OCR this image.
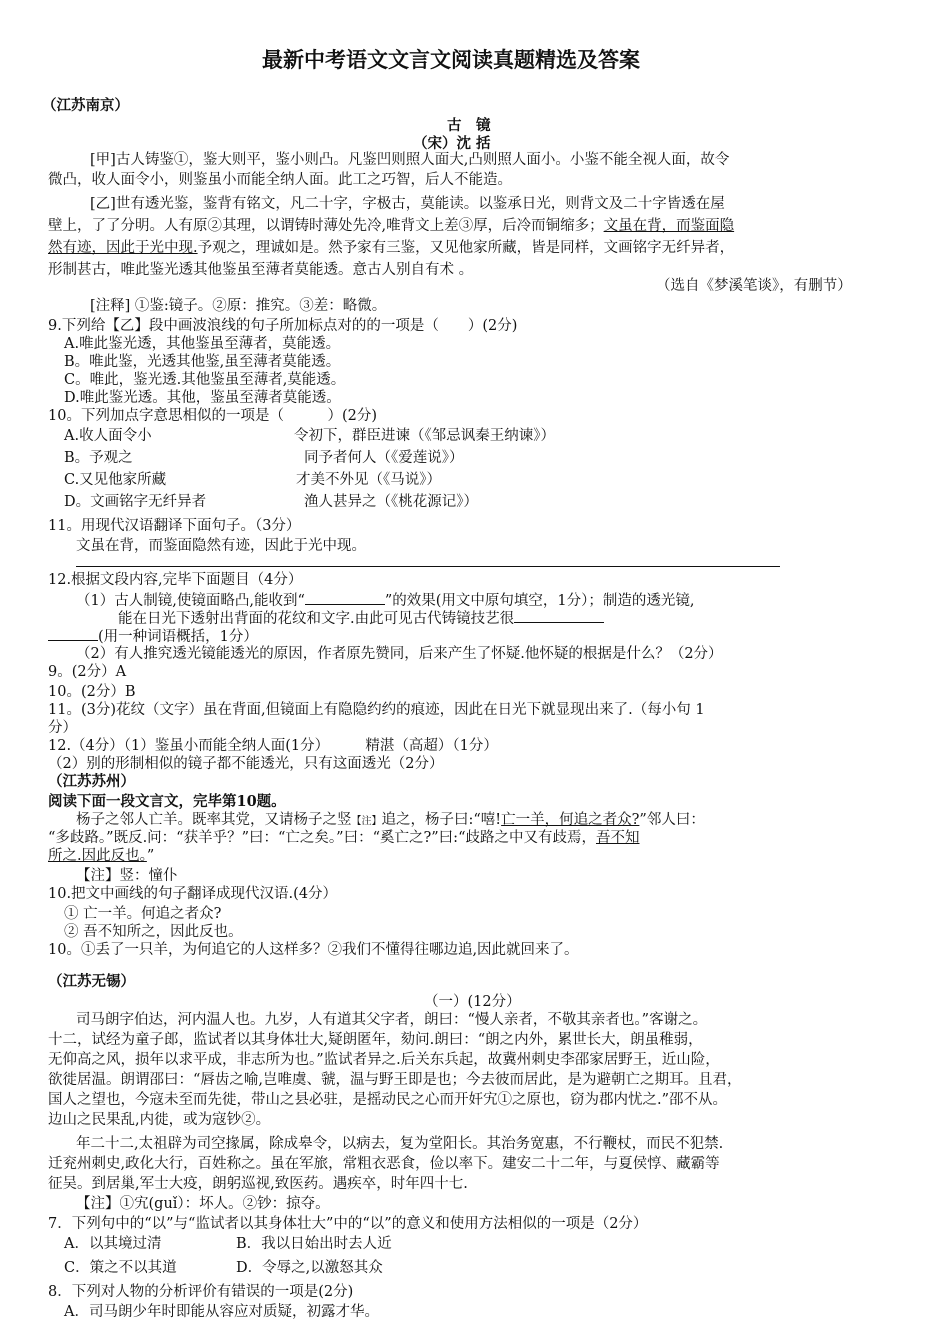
最新中考语文文言文阅读真题精选及答案
（江苏南京）
古　镜
（宋）沈 括
[甲]古人铸鉴①，鉴大则平，鉴小则凸。凡鉴凹则照人面大,凸则照人面小。小鉴不能全视人面，故令
微凸，收人面令小，则鉴虽小而能全纳人面。此工之巧智，后人不能造。
[乙]世有透光鉴，鉴背有铭文，凡二十字，字极古，莫能读。以鉴承日光，则背文及二十字皆透在屋
壁上，了了分明。人有原②其理，以谓铸时薄处先冷,唯背文上差③厚，后冷而铜缩多；文虽在背，而鉴面隐
然有迹，因此于光中现.予观之，理诚如是。然予家有三鉴，又见他家所藏，皆是同样，文画铭字无纤异者，
形制甚古，唯此鉴光透其他鉴虽至薄者莫能透。意古人别自有术 。
（选自《梦溪笔谈》，有删节）
[注释] ①鉴:镜子。②原：推究。③差：略微。
9.下列给【乙】段中画波浪线的句子所加标点对的的一项是（　　）(2分)
A.唯此鉴光透，其他鉴虽至薄者，莫能透。
B。唯此鉴，光透其他鉴,虽至薄者莫能透。
C。唯此，鉴光透.其他鉴虽至薄者,莫能透。
D.唯此鉴光透。其他，鉴虽至薄者莫能透。
10。下列加点字意思相似的一项是（　　　）(2分)
A.收人面令小	令初下，群臣进谏（《邹忌讽秦王纳谏》）
B。予观之	同予者何人（《爱莲说》）
C.又见他家所藏	才美不外见（《马说》）
D。文画铭字无纤异者	渔人甚异之（《桃花源记》）
11。用现代汉语翻译下面句子。（3分）
文虽在背，而鉴面隐然有迹，因此于光中现。
12.根据文段内容,完毕下面题目（4分）
（1）古人制镜,使镜面略凸,能收到“	”的效果(用文中原句填空，1分）；制造的透光镜,
能在日光下透射出背面的花纹和文字.由此可见古代铸镜技艺很
(用一种词语概括，1分）
（2）有人推究透光镜能透光的原因，作者原先赞同，后来产生了怀疑.他怀疑的根据是什么？（2分）
9。(2分）A
10。(2分）B
11。(3分)花纹（文字）虽在背面,但镜面上有隐隐约约的痕迹，因此在日光下就显现出来了.（每小句 1
分）
12.（4分）（1）鉴虽小而能全纳人面(1分）　　　精湛（高超）（1分）
（2）别的形制相似的镜子都不能透光，只有这面透光（2分）
（江苏苏州）
阅读下面一段文言文，完毕第10题。
杨子之邻人亡羊。既率其党，又请杨子之竖【注】追之，杨子曰:“嘻!亡一羊，何追之者众?”邻人曰：
“多歧路。”既反.问：“获羊乎？”曰：“亡之矣。”曰：“奚亡之?”曰:“歧路之中又有歧焉，吾不知
所之.因此反也。”
【注】竖：憧仆
10.把文中画线的句子翻译成现代汉语.(4分）
① 亡一羊。何追之者众?
② 吾不知所之，因此反也。
10。①丢了一只羊，为何追它的人这样多？②我们不懂得往哪边追,因此就回来了。
（江苏无锡）
（一）(12分）
司马朗字伯达，河内温人也。九岁，人有道其父字者，朗曰：“慢人亲者，不敬其亲者也。”客谢之。
十二，试经为童子郎，监试者以其身体壮大,疑朗匿年，劾问.朗曰：“朗之内外，累世长大，朗虽稚弱，
无仰高之风，损年以求平成，非志所为也。”监试者异之.后关东兵起，故冀州刺史李邵家居野王，近山险，
欲徙居温。朗谓邵曰：“唇齿之喻,岂唯虞、虢，温与野王即是也；今去彼而居此，是为避朝亡之期耳。且君，
国人之望也，今寇未至而先徙，带山之县必驻，是摇动民之心而开奸宄①之原也，窃为郡内忧之.”邵不从。
边山之民果乱,内徙，或为寇钞②。
年二十二,太祖辟为司空掾属，除成皋令，以病去，复为堂阳长。其治务宽惠，不行鞭杖，而民不犯禁.
迁兖州刺史,政化大行，百姓称之。虽在军旅，常粗衣恶食，俭以率下。建安二十二年，与夏侯惇、藏霸等
征吴。到居巢,军士大疫，朗躬巡视,致医药。遇疾卒，时年四十七.
【注】①宄(guǐ）：坏人。②钞：掠夺。
7．下列句中的“以”与“监试者以其身体壮大”中的“以”的意义和使用方法相似的一项是（2分）
A．以其境过清	B．我以日始出时去人近
C．策之不以其道	D．令辱之,以激怒其众
8．下列对人物的分析评价有错误的一项是(2分)
A．司马朗少年时即能从容应对质疑，初露才华。
